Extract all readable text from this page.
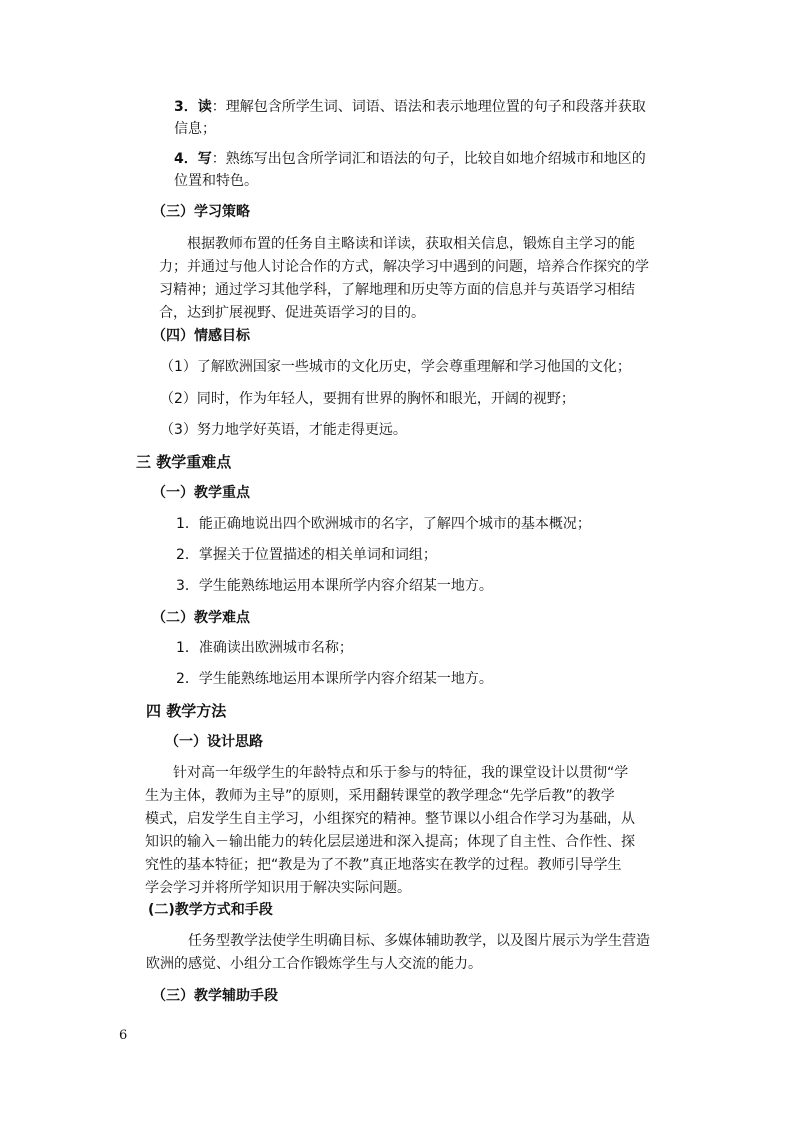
3．读：理解包含所学生词、词语、语法和表示地理位置的句子和段落并获取
信息；
4．写：熟练写出包含所学词汇和语法的句子，比较自如地介绍城市和地区的
位置和特色。
（三）学习策略
根据教师布置的任务自主略读和详读，获取相关信息，锻炼自主学习的能
力；并通过与他人讨论合作的方式，解决学习中遇到的问题，培养合作探究的学
习精神；通过学习其他学科，了解地理和历史等方面的信息并与英语学习相结
合，达到扩展视野、促进英语学习的目的。
（四）情感目标
（1）了解欧洲国家一些城市的文化历史，学会尊重理解和学习他国的文化；
（2）同时，作为年轻人，要拥有世界的胸怀和眼光，开阔的视野；
（3）努力地学好英语，才能走得更远。
三 教学重难点
（一）教学重点
1．能正确地说出四个欧洲城市的名字，了解四个城市的基本概况；
2．掌握关于位置描述的相关单词和词组；
3．学生能熟练地运用本课所学内容介绍某一地方。
（二）教学难点
1．准确读出欧洲城市名称；
2．学生能熟练地运用本课所学内容介绍某一地方。
四 教学方法
（一）设计思路
针对高一年级学生的年龄特点和乐于参与的特征，我的课堂设计以贯彻“学
生为主体，教师为主导”的原则，采用翻转课堂的教学理念“先学后教”的教学
模式，启发学生自主学习，小组探究的精神。整节课以小组合作学习为基础，从
知识的输入－输出能力的转化层层递进和深入提高；体现了自主性、合作性、探
究性的基本特征；把“教是为了不教”真正地落实在教学的过程。教师引导学生
学会学习并将所学知识用于解决实际问题。
(二)教学方式和手段
任务型教学法使学生明确目标、多媒体辅助教学，以及图片展示为学生营造
欧洲的感觉、小组分工合作锻炼学生与人交流的能力。
（三）教学辅助手段
6
